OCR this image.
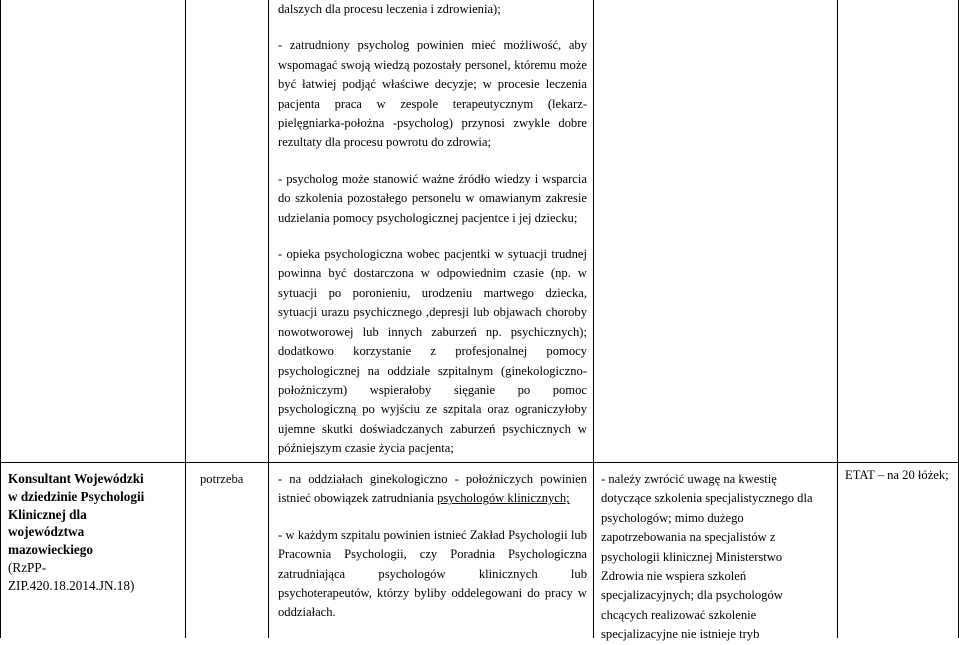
dalszych dla procesu leczenia i zdrowienia);

- zatrudniony psycholog powinien mieć możliwość, aby wspomagać swoją wiedzą pozostały personel, któremu może być łatwiej podjąć właściwe decyzje; w procesie leczenia pacjenta praca w zespole terapeutycznym (lekarz- pielęgniarka-położna -psycholog) przynosi zwykle dobre rezultaty dla procesu powrotu do zdrowia;

- psycholog może stanowić ważne źródło wiedzy i wsparcia do szkolenia pozostałego personelu w omawianym zakresie udzielania pomocy psychologicznej pacjentce i jej dziecku;

- opieka psychologiczna wobec pacjentki w sytuacji trudnej powinna być dostarczona w odpowiednim czasie (np. w sytuacji po poronieniu, urodzeniu martwego dziecka, sytuacji urazu psychicznego ,depresji lub objawach choroby nowotworowej lub innych zaburzeń np. psychicznych); dodatkowo korzystanie z profesjonalnej pomocy psychologicznej na oddziale szpitalnym (ginekologiczno-położniczym) wspierałoby sięganie po pomoc psychologiczną po wyjściu ze szpitala oraz ograniczyłoby ujemne skutki doświadczanych zaburzeń psychicznych w późniejszym czasie życia pacjenta;

Konsultant Wojewódzki
w dziedzinie Psychologii
Klinicznej dla
województwa
mazowieckiego
(RzPP-
ZIP.420.18.2014.JN.18)
potrzeba	- na oddziałach ginekologiczno - położniczych powinien istnieć obowiązek zatrudniania psychologów klinicznych;

- w każdym szpitalu powinien istnieć Zakład Psychologii lub Pracownia Psychologii, czy Poradnia Psychologiczna zatrudniająca psychologów klinicznych lub psychoterapeutów, którzy byliby oddelegowani do pracy w oddziałach.

- należy zwrócić uwagę na kwestię
dotyczące szkolenia specjalistycznego dla
psychologów; mimo dużego
zapotrzebowania na specjalistów z
psychologii klinicznej Ministerstwo
Zdrowia nie wspiera szkoleń
specjalizacyjnych; dla psychologów
chcących realizować szkolenie
specjalizacyjne nie istnieje tryb
ETAT – na 20 łóżek;
